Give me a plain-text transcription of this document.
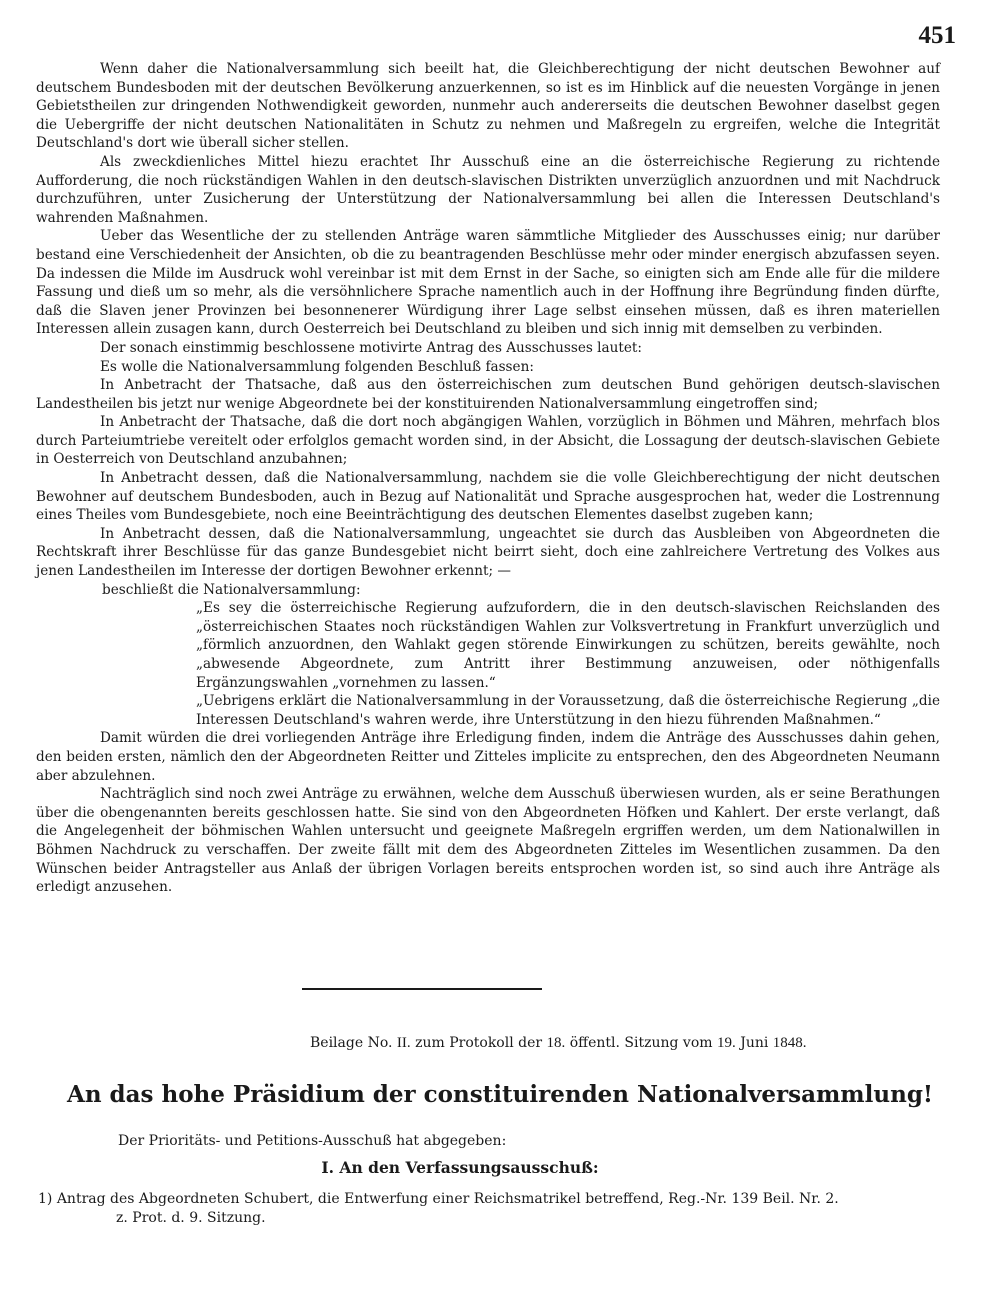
451

Wenn daher die Nationalversammlung sich beeilt hat, die Gleichberechtigung der nicht deutschen Bewohner auf deutschem Bundesboden mit der deutschen Bevölkerung anzuerkennen, so ist es im Hinblick auf die neuesten Vorgänge in jenen Gebietstheilen zur dringenden Nothwendigkeit geworden, nunmehr auch andererseits die deutschen Bewohner daselbst gegen die Uebergriffe der nicht deutschen Nationalitäten in Schutz zu nehmen und Maßregeln zu ergreifen, welche die Integrität Deutschland's dort wie überall sicher stellen.

Als zweckdienliches Mittel hiezu erachtet Ihr Ausschuß eine an die österreichische Regierung zu richtende Aufforderung, die noch rückständigen Wahlen in den deutsch-slavischen Distrikten unverzüglich anzuordnen und mit Nachdruck durchzuführen, unter Zusicherung der Unterstützung der Nationalversammlung bei allen die Interessen Deutschland's wahrenden Maßnahmen.

Ueber das Wesentliche der zu stellenden Anträge waren sämmtliche Mitglieder des Ausschusses einig; nur darüber bestand eine Verschiedenheit der Ansichten, ob die zu beantragenden Beschlüsse mehr oder minder energisch abzufassen seyen. Da indessen die Milde im Ausdruck wohl vereinbar ist mit dem Ernst in der Sache, so einigten sich am Ende alle für die mildere Fassung und dieß um so mehr, als die versöhnlichere Sprache namentlich auch in der Hoffnung ihre Begründung finden dürfte, daß die Slaven jener Provinzen bei besonnenerer Würdigung ihrer Lage selbst einsehen müssen, daß es ihren materiellen Interessen allein zusagen kann, durch Oesterreich bei Deutschland zu bleiben und sich innig mit demselben zu verbinden.

Der sonach einstimmig beschlossene motivirte Antrag des Ausschusses lautet:

Es wolle die Nationalversammlung folgenden Beschluß fassen:

In Anbetracht der Thatsache, daß aus den österreichischen zum deutschen Bund gehörigen deutsch-slavischen Landestheilen bis jetzt nur wenige Abgeordnete bei der konstituirenden Nationalversammlung eingetroffen sind;

In Anbetracht der Thatsache, daß die dort noch abgängigen Wahlen, vorzüglich in Böhmen und Mähren, mehrfach blos durch Parteiumtriebe vereitelt oder erfolglos gemacht worden sind, in der Absicht, die Lossagung der deutsch-slavischen Gebiete in Oesterreich von Deutschland anzubahnen;

In Anbetracht dessen, daß die Nationalversammlung, nachdem sie die volle Gleichberechtigung der nicht deutschen Bewohner auf deutschem Bundesboden, auch in Bezug auf Nationalität und Sprache ausgesprochen hat, weder die Lostrennung eines Theiles vom Bundesgebiete, noch eine Beeinträchtigung des deutschen Elementes daselbst zugeben kann;

In Anbetracht dessen, daß die Nationalversammlung, ungeachtet sie durch das Ausbleiben von Abgeordneten die Rechtskraft ihrer Beschlüsse für das ganze Bundesgebiet nicht beirrt sieht, doch eine zahlreichere Vertretung des Volkes aus jenen Landestheilen im Interesse der dortigen Bewohner erkennt; —

beschließt die Nationalversammlung:

„Es sey die österreichische Regierung aufzufordern, die in den deutsch-slavischen Reichslanden des „österreichischen Staates noch rückständigen Wahlen zur Volksvertretung in Frankfurt unverzüglich und „förmlich anzuordnen, den Wahlakt gegen störende Einwirkungen zu schützen, bereits gewählte, noch „abwesende Abgeordnete, zum Antritt ihrer Bestimmung anzuweisen, oder nöthigenfalls Ergänzungswahlen „vornehmen zu lassen.“

„Uebrigens erklärt die Nationalversammlung in der Voraussetzung, daß die österreichische Regierung „die Interessen Deutschland's wahren werde, ihre Unterstützung in den hiezu führenden Maßnahmen.“

Damit würden die drei vorliegenden Anträge ihre Erledigung finden, indem die Anträge des Ausschusses dahin gehen, den beiden ersten, nämlich den der Abgeordneten Reitter und Zitteles implicite zu entsprechen, den des Abgeordneten Neumann aber abzulehnen.

Nachträglich sind noch zwei Anträge zu erwähnen, welche dem Ausschuß überwiesen wurden, als er seine Berathungen über die obengenannten bereits geschlossen hatte. Sie sind von den Abgeordneten Höfken und Kahlert. Der erste verlangt, daß die Angelegenheit der böhmischen Wahlen untersucht und geeignete Maßregeln ergriffen werden, um dem Nationalwillen in Böhmen Nachdruck zu verschaffen. Der zweite fällt mit dem des Abgeordneten Zitteles im Wesentlichen zusammen. Da den Wünschen beider Antragsteller aus Anlaß der übrigen Vorlagen bereits entsprochen worden ist, so sind auch ihre Anträge als erledigt anzusehen.

Beilage No. II. zum Protokoll der 18. öffentl. Sitzung vom 19. Juni 1848.
An das hohe Präsidium der constituirenden Nationalversammlung!
Der Prioritäts- und Petitions-Ausschuß hat abgegeben:
I. An den Verfassungsausschuß:
1) Antrag des Abgeordneten Schubert, die Entwerfung einer Reichsmatrikel betreffend, Reg.-Nr. 139 Beil. Nr. 2.
z. Prot. d. 9. Sitzung.
